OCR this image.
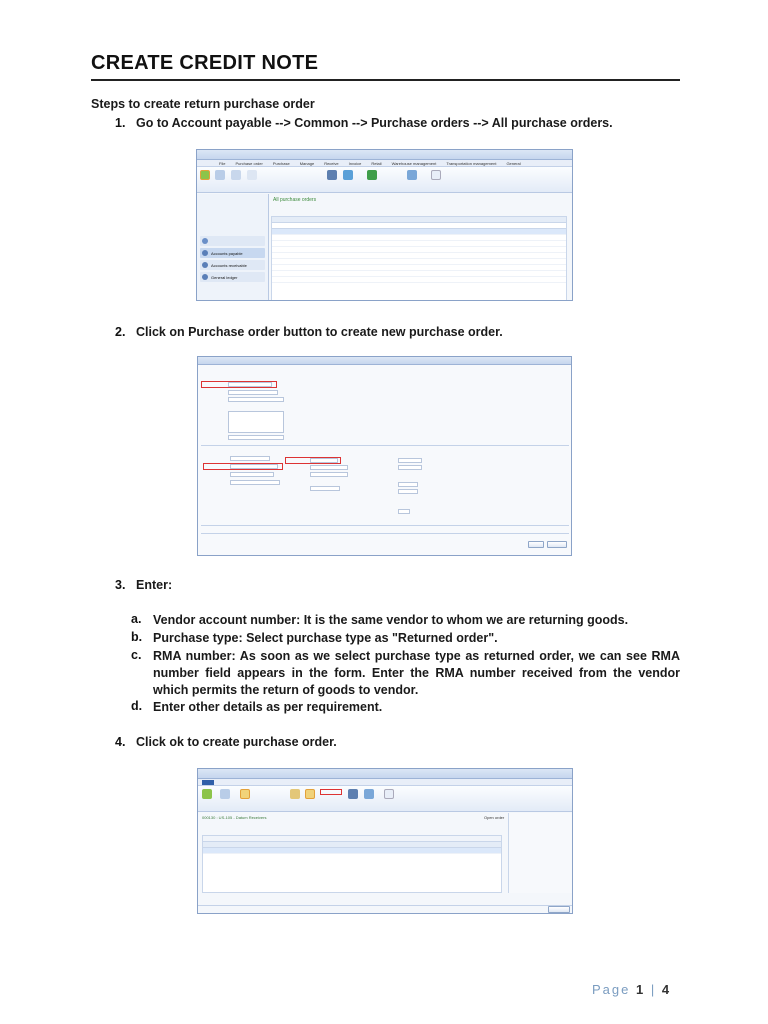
CREATE CREDIT NOTE
Steps to create return purchase order
1. Go to Account payable --> Common --> Purchase orders --> All purchase orders.
File	Purchase order	Purchase	Manage	Receive	Invoice	Retail	Warehouse management	Transportation management	General
Accounts payable
Accounts receivable
General ledger
All purchase orders
2. Click on Purchase order button to create new purchase order.
3. Enter:
a. Vendor account number: It is the same vendor to whom we are returning goods.
b. Purchase type: Select purchase type as "Returned order".
c. RMA number: As soon as we select purchase type as returned order, we can see RMA number field appears in the form. Enter the RMA number received from the vendor which permits the return of goods to vendor.
d. Enter other details as per requirement.
4. Click ok to create purchase order.
000130 : US-105 - Datum Receivers	Open order
Page 1 | 4
